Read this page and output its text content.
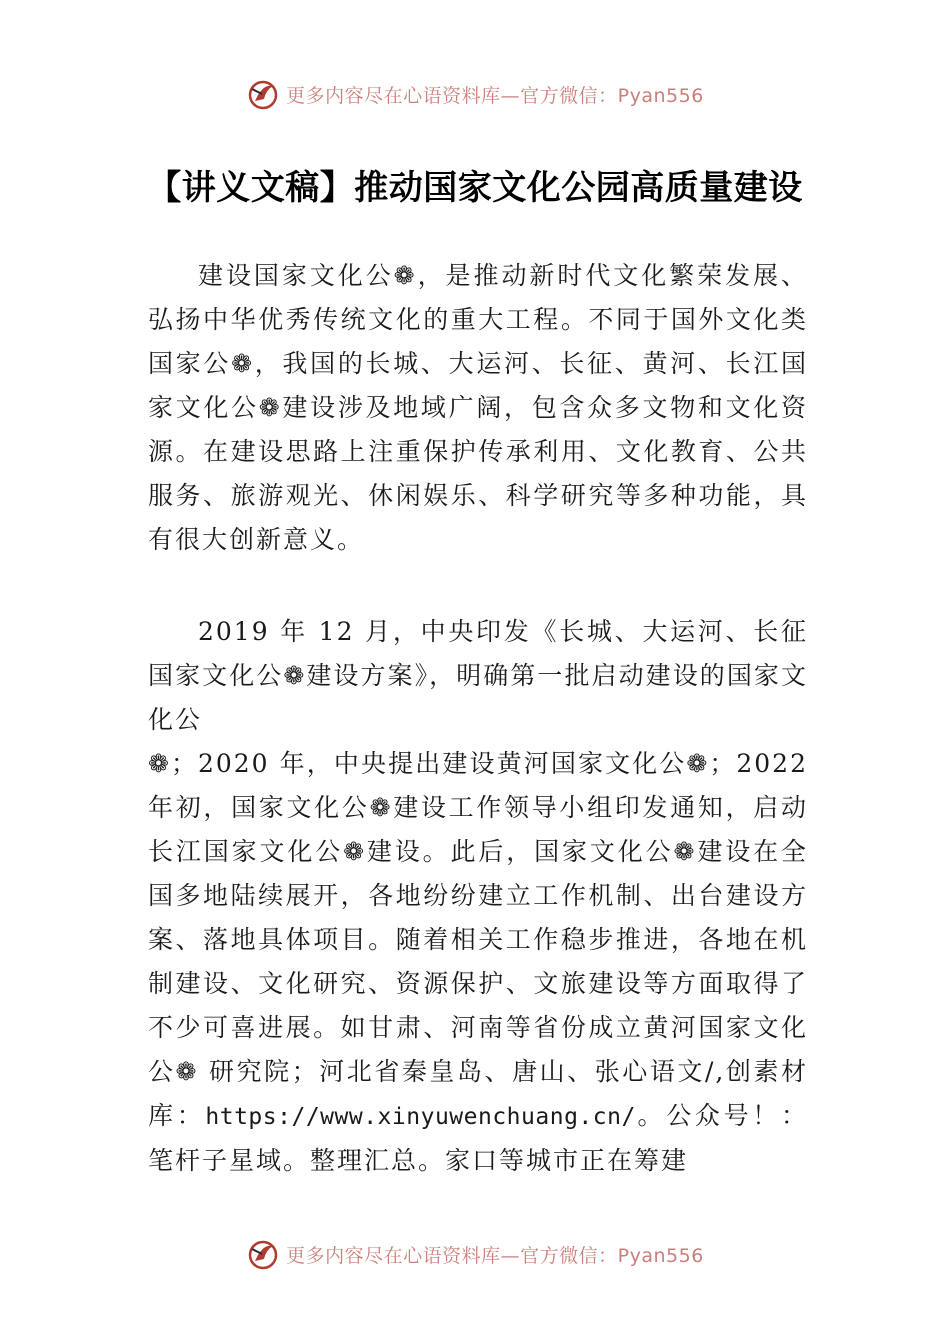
更多内容尽在心语资料库—官方微信：Pyan556
【讲义文稿】推动国家文化公园高质量建设

建设国家文化公❁，是推动新时代文化繁荣发展、弘扬中华优秀传统文化的重大工程。不同于国外文化类国家公❁，我国的长城、大运河、长征、黄河、长江国家文化公❁建设涉及地域广阔，包含众多文物和文化资源。在建设思路上注重保护传承利用、文化教育、公共服务、旅游观光、休闲娱乐、科学研究等多种功能，具有很大创新意义。

2019 年 12 月，中央印发《长城、大运河、长征国家文化公❁建设方案》，明确第一批启动建设的国家文化公

❁；2020 年，中央提出建设黄河国家文化公❁；2022年初，国家文化公❁建设工作领导小组印发通知，启动长江国家文化公❁建设。此后，国家文化公❁建设在全国多地陆续展开，各地纷纷建立工作机制、出台建设方案、落地具体项目。随着相关工作稳步推进，各地在机制建设、文化研究、资源保护、文旅建设等方面取得了不少可喜进展。如甘肃、河南等省份成立黄河国家文化公❁ 研究院；河北省秦皇岛、唐山、张心语文/,创素材库：https://www.xinyuwenchuang.cn/。公众号！：笔杆子星域。整理汇总。家口等城市正在筹建

更多内容尽在心语资料库—官方微信：Pyan556
